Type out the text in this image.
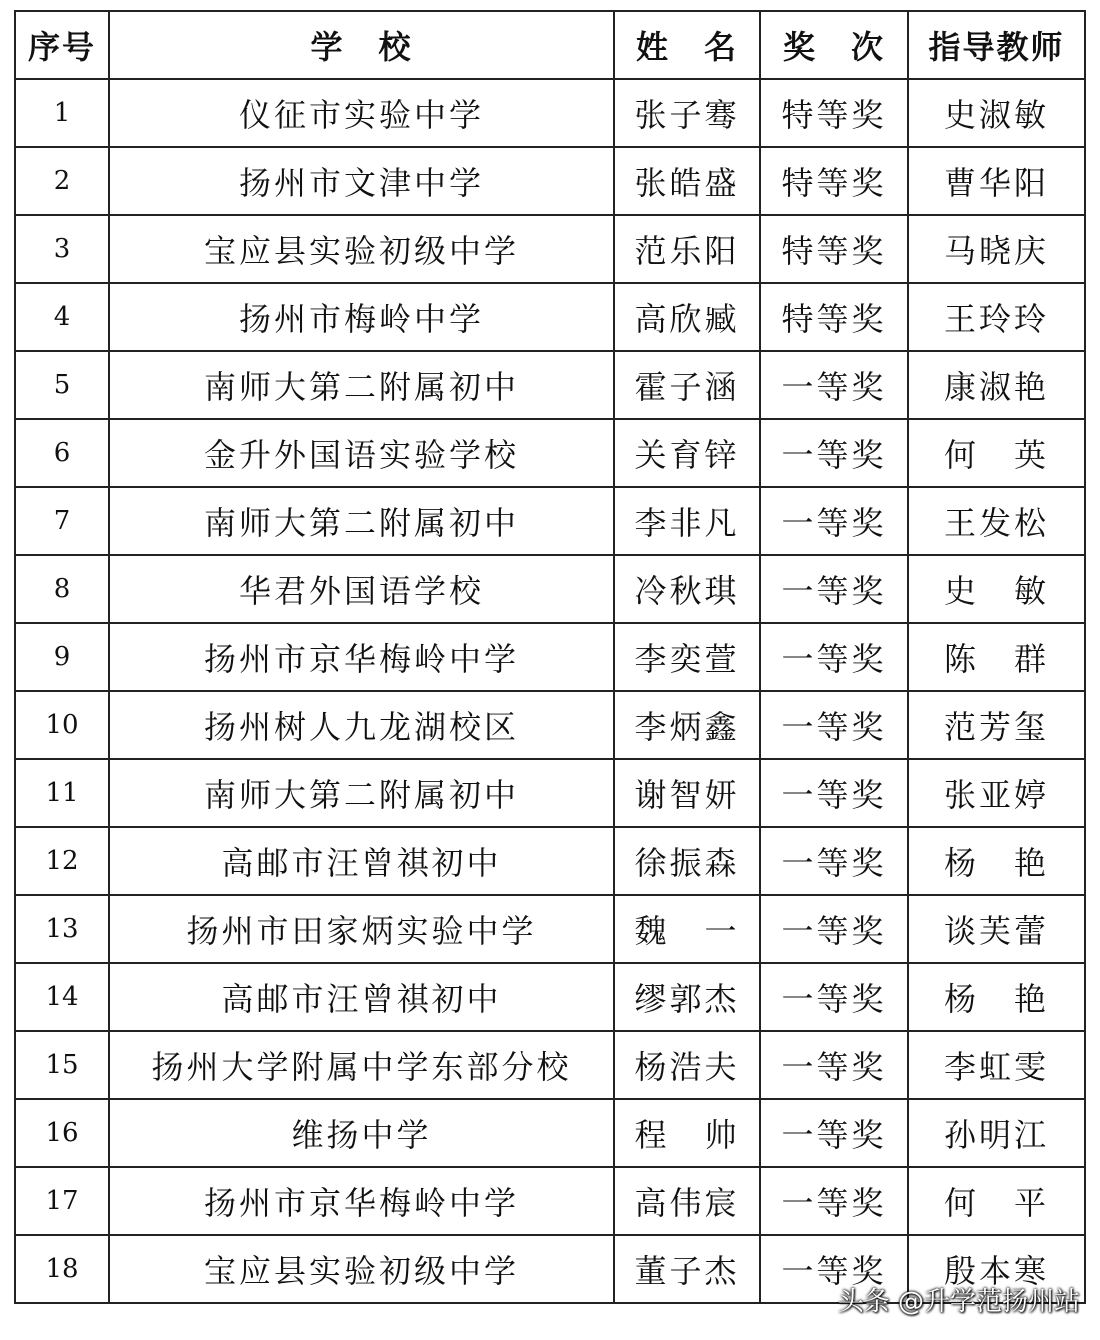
序号	学　校	姓　名	奖　次	指导教师
1	仪征市实验中学	张子骞	特等奖	史淑敏
2	扬州市文津中学	张皓盛	特等奖	曹华阳
3	宝应县实验初级中学	范乐阳	特等奖	马晓庆
4	扬州市梅岭中学	高欣臧	特等奖	王玲玲
5	南师大第二附属初中	霍子涵	一等奖	康淑艳
6	金升外国语实验学校	关育锌	一等奖	何　英
7	南师大第二附属初中	李非凡	一等奖	王发松
8	华君外国语学校	冷秋琪	一等奖	史　敏
9	扬州市京华梅岭中学	李奕萱	一等奖	陈　群
10	扬州树人九龙湖校区	李炳鑫	一等奖	范芳玺
11	南师大第二附属初中	谢智妍	一等奖	张亚婷
12	高邮市汪曾祺初中	徐振森	一等奖	杨　艳
13	扬州市田家炳实验中学	魏　一	一等奖	谈芙蕾
14	高邮市汪曾祺初中	缪郭杰	一等奖	杨　艳
15	扬州大学附属中学东部分校	杨浩夫	一等奖	李虹雯
16	维扬中学	程　帅	一等奖	孙明江
17	扬州市京华梅岭中学	高伟宸	一等奖	何　平
18	宝应县实验初级中学	董子杰	一等奖	殷本寒
头条 @升学范扬州站
